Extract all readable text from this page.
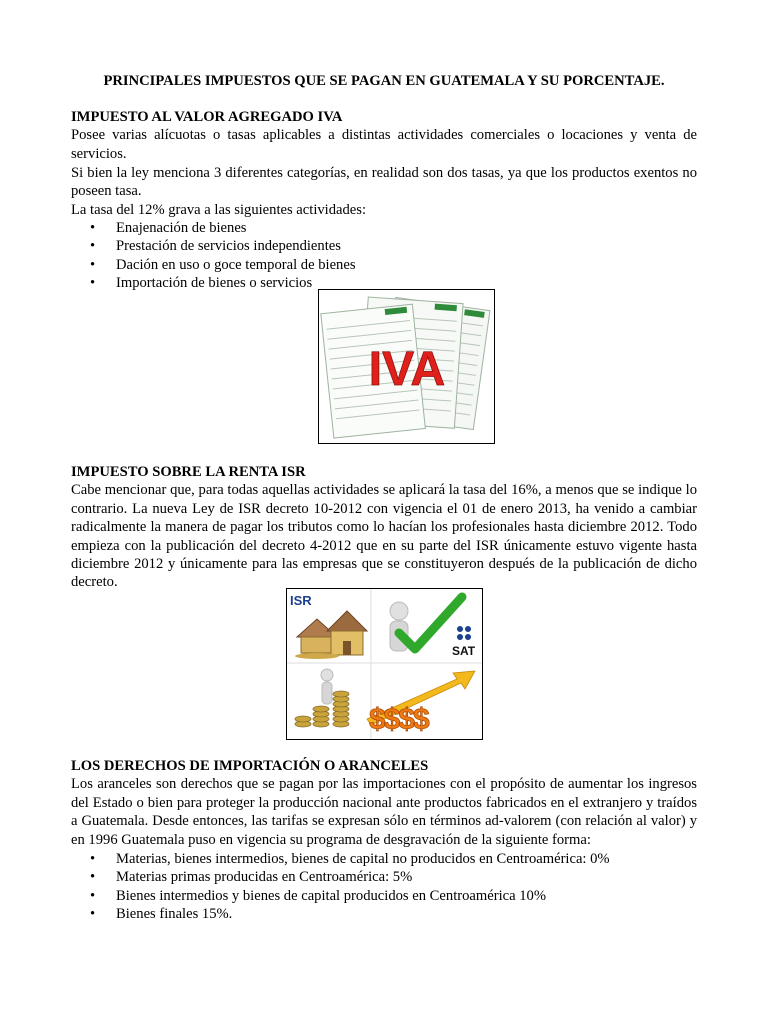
PRINCIPALES IMPUESTOS QUE SE PAGAN EN GUATEMALA Y SU PORCENTAJE.
IMPUESTO AL VALOR AGREGADO IVA

Posee varias alícuotas o tasas aplicables a distintas actividades comerciales o locaciones y venta de servicios.

Si bien la ley menciona 3 diferentes categorías, en realidad son dos tasas, ya que los productos exentos no poseen tasa.

La tasa del 12% grava a las siguientes actividades:

• Enajenación de bienes
• Prestación de servicios independientes
• Dación en uso o goce temporal de bienes
• Importación de bienes o servicios
IVA
IMPUESTO SOBRE LA RENTA ISR

Cabe mencionar que, para todas aquellas actividades se aplicará la tasa del 16%, a menos que se indique lo contrario. La nueva Ley de ISR decreto 10-2012 con vigencia el 01 de enero 2013, ha venido a cambiar radicalmente la manera de pagar los tributos como lo hacían los profesionales hasta diciembre 2012. Todo empieza con la publicación del decreto 4-2012 que en su parte del ISR únicamente estuvo vigente hasta diciembre 2012 y únicamente para las empresas que se constituyeron después de la publicación de dicho decreto.

ISR
SAT
$$$$
LOS DERECHOS DE IMPORTACIÓN O ARANCELES

Los aranceles son derechos que se pagan por las importaciones con el propósito de aumentar los ingresos del Estado o bien para proteger la producción nacional ante productos fabricados en el extranjero y traídos a Guatemala. Desde entonces, las tarifas se expresan sólo en términos ad-valorem (con relación al valor) y en 1996 Guatemala puso en vigencia su programa de desgravación de la siguiente forma:

• Materias, bienes intermedios, bienes de capital no producidos en Centroamérica: 0%
• Materias primas producidas en Centroamérica: 5%
• Bienes intermedios y bienes de capital producidos en Centroamérica 10%
• Bienes finales 15%.
